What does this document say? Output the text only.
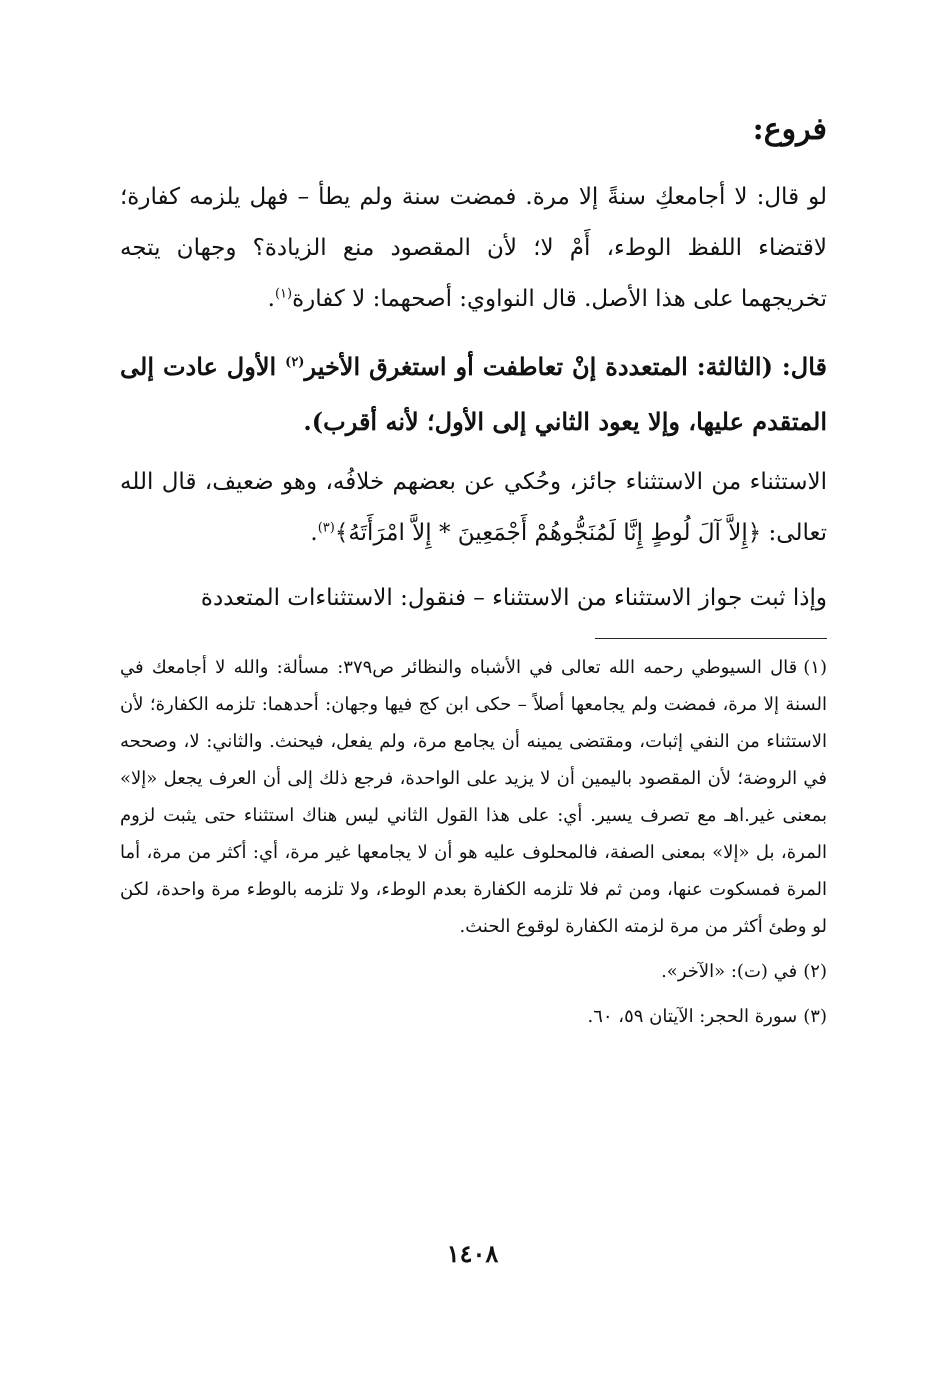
فروع:

لو قال: لا أجامعكِ سنةً إلا مرة. فمضت سنة ولم يطأ – فهل يلزمه كفارة؛ لاقتضاء اللفظ الوطء، أَمْ لا؛ لأن المقصود منع الزيادة؟ وجهان يتجه تخريجهما على هذا الأصل. قال النواوي: أصحهما: لا كفارة$^{(١)}$.

قال: (الثالثة: المتعددة إنْ تعاطفت أو استغرق الأخير$^{(٢)}$ الأول عادت إلى المتقدم عليها، وإلا يعود الثاني إلى الأول؛ لأنه أقرب).

الاستثناء من الاستثناء جائز، وحُكي عن بعضهم خلافُه، وهو ضعيف، قال الله تعالى: ﴿إِلاَّ آلَ لُوطٍ إِنَّا لَمُنَجُّوهُمْ أَجْمَعِينَ * إِلاَّ امْرَأَتَهُ﴾$^{(٣)}$.

وإذا ثبت جواز الاستثناء من الاستثناء – فنقول: الاستثناءات المتعددة

(١)قال السيوطي رحمه الله تعالى في الأشباه والنظائر ص٣٧٩: مسألة: والله لا أجامعك في السنة إلا مرة، فمضت ولم يجامعها أصلاً – حكى ابن كج فيها وجهان: أحدهما: تلزمه الكفارة؛ لأن الاستثناء من النفي إثبات، ومقتضى يمينه أن يجامع مرة، ولم يفعل، فيحنث. والثاني: لا، وصححه في الروضة؛ لأن المقصود باليمين أن لا يزيد على الواحدة، فرجع ذلك إلى أن العرف يجعل «إلا» بمعنى غير.اهـ مع تصرف يسير. أي: على هذا القول الثاني ليس هناك استثناء حتى يثبت لزوم المرة، بل «إلا» بمعنى الصفة، فالمحلوف عليه هو أن لا يجامعها غير مرة، أي: أكثر من مرة، أما المرة فمسكوت عنها، ومن ثم فلا تلزمه الكفارة بعدم الوطء، ولا تلزمه بالوطء مرة واحدة، لكن لو وطئ أكثر من مرة لزمته الكفارة لوقوع الحنث.

(٢)في (ت): «الآخر».

(٣)سورة الحجر: الآيتان ٥٩، ٦٠.

١٤٠٨
